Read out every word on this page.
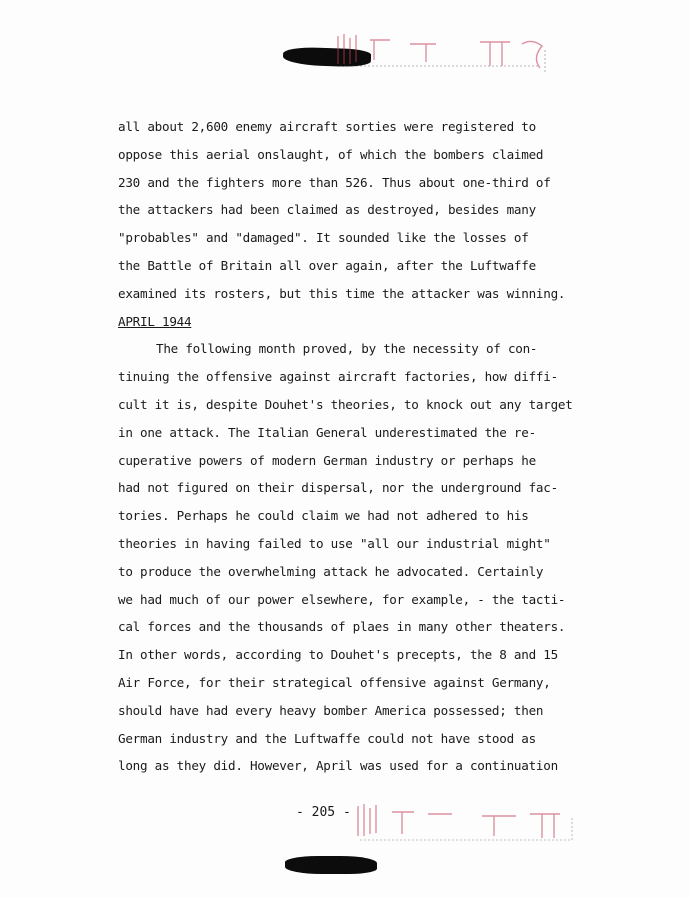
all about 2,600 enemy aircraft sorties were registered to
oppose this aerial onslaught, of which the bombers claimed
230 and the fighters more than 526. Thus about one-third of
the attackers had been claimed as destroyed, besides many
"probables" and "damaged". It sounded like the losses of
the Battle of Britain all over again, after the Luftwaffe
examined its rosters, but this time the attacker was winning.
APRIL 1944
The following month proved, by the necessity of con-
tinuing the offensive against aircraft factories, how diffi-
cult it is, despite Douhet's theories, to knock out any target
in one attack. The Italian General underestimated the re-
cuperative powers of modern German industry or perhaps he
had not figured on their dispersal, nor the underground fac-
tories. Perhaps he could claim we had not adhered to his
theories in having failed to use "all our industrial might"
to produce the overwhelming attack he advocated. Certainly
we had much of our power elsewhere, for example, - the tacti-
cal forces and the thousands of plaes in many other theaters.
In other words, according to Douhet's precepts, the 8 and 15
Air Force, for their strategical offensive against Germany,
should have had every heavy bomber America possessed; then
German industry and the Luftwaffe could not have stood as
long as they did. However, April was used for a continuation
- 205 -
